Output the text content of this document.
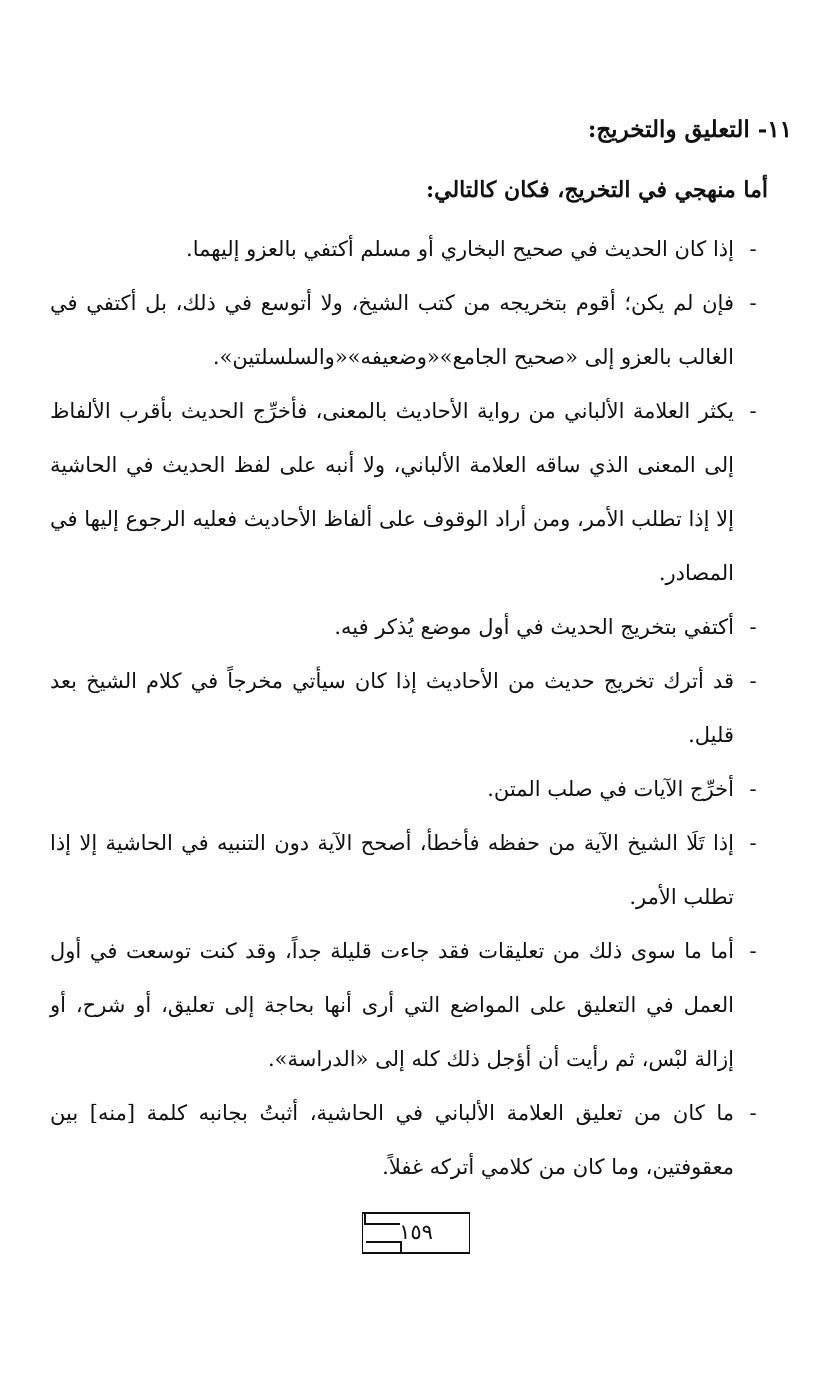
١١- التعليق والتخريج:
أما منهجي في التخريج، فكان كالتالي:
-
إذا كان الحديث في صحيح البخاري أو مسلم أكتفي بالعزو إليهما.
-
فإن لم يكن؛ أقوم بتخريجه من كتب الشيخ، ولا أتوسع في ذلك، بل أكتفي في الغالب بالعزو إلى «صحيح الجامع»«وضعيفه»«والسلسلتين».
-
يكثر العلامة الألباني من رواية الأحاديث بالمعنى، فأخرِّج الحديث بأقرب الألفاظ إلى المعنى الذي ساقه العلامة الألباني، ولا أنبه على لفظ الحديث في الحاشية إلا إذا تطلب الأمر، ومن أراد الوقوف على ألفاظ الأحاديث فعليه الرجوع إليها في المصادر.
-
أكتفي بتخريج الحديث في أول موضع يُذكر فيه.
-
قد أترك تخريج حديث من الأحاديث إذا كان سيأتي مخرجاً في كلام الشيخ بعد قليل.
-
أخرِّج الآيات في صلب المتن.
-
إذا تَلَا الشيخ الآية من حفظه فأخطأ، أصحح الآية دون التنبيه في الحاشية إلا إذا تطلب الأمر.
-
أما ما سوى ذلك من تعليقات فقد جاءت قليلة جداً، وقد كنت توسعت في أول العمل في التعليق على المواضع التي أرى أنها بحاجة إلى تعليق، أو شرح، أو إزالة لبْس، ثم رأيت أن أؤجل ذلك كله إلى «الدراسة».
-
ما كان من تعليق العلامة الألباني في الحاشية، أثبتُ بجانبه كلمة [منه] بين معقوفتين، وما كان من كلامي أتركه غفلاً.
١٥٩
